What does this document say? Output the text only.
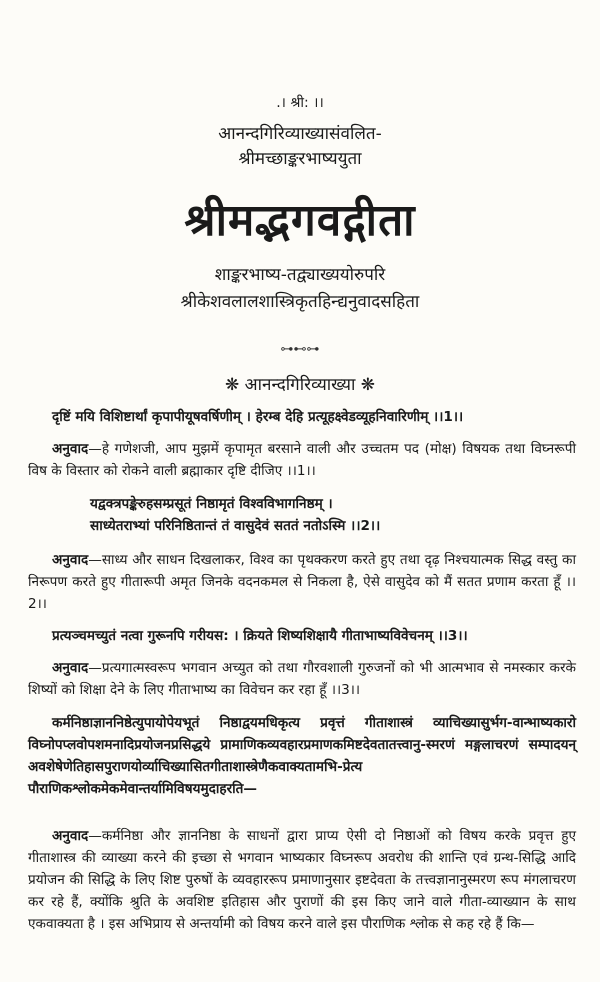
.। श्री: ।।
आनन्दगिरिव्याख्यासंवलित-
श्रीमच्छाङ्करभाष्ययुता
श्रीमद्भगवद्गीता
शाङ्करभाष्य-तद्व्याख्ययोरुपरि
श्रीकेशवलालशास्त्रिकृतहिन्द्यनुवादसहिता
⊶⊷⊶
❋ आनन्दगिरिव्याख्या ❋
दृष्टिं मयि विशिष्टार्थां कृपापीयूषवर्षिणीम् । हेरम्ब देहि प्रत्यूहक्ष्वेडव्यूहनिवारिणीम् ।।1।।
अनुवाद—हे गणेशजी, आप मुझमें कृपामृत बरसाने वाली और उच्चतम पद (मोक्ष) विषयक तथा विघ्नरूपी विष के विस्तार को रोकने वाली ब्रह्माकार दृष्टि दीजिए ।।1।।
यद्वक्त्रपङ्केरुहसम्प्रसूतं निष्ठामृतं विश्वविभागनिष्ठम् ।
साध्येतराभ्यां परिनिष्ठितान्तं तं वासुदेवं सततं नतोऽस्मि ।।2।।
अनुवाद—साध्य और साधन दिखलाकर, विश्व का पृथक्करण करते हुए तथा दृढ़ निश्चयात्मक सिद्ध वस्तु का निरूपण करते हुए गीतारूपी अमृत जिनके वदनकमल से निकला है, ऐसे वासुदेव को मैं सतत प्रणाम करता हूँ ।।2।।
प्रत्यञ्चमच्युतं नत्वा गुरूनपि गरीयस: । क्रियते शिष्यशिक्षायै गीताभाष्यविवेचनम् ।।3।।
अनुवाद—प्रत्यगात्मस्वरूप भगवान अच्युत को तथा गौरवशाली गुरुजनों को भी आत्मभाव से नमस्कार करके शिष्यों को शिक्षा देने के लिए गीताभाष्य का विवेचन कर रहा हूँ ।।3।।
कर्मनिष्ठाज्ञाननिष्ठेत्युपायोपेयभूतं निष्ठाद्वयमधिकृत्य प्रवृत्तं गीताशास्त्रं व्याचिख्यासुर्भग-वान्भाष्यकारो विघ्नोपप्लवोपशमनादिप्रयोजनप्रसिद्धये प्रामाणिकव्यवहारप्रमाणकमिष्टदेवतातत्त्वानु-स्मरणं मङ्गलाचरणं सम्पादयन् अवशेषेणेतिहासपुराणयोर्व्याचिख्यासितगीताशास्त्रेणैकवाक्यतामभि-प्रेत्य पौराणिकश्लोकमेकमेवान्तर्यामिविषयमुदाहरति—
अनुवाद—कर्मनिष्ठा और ज्ञाननिष्ठा के साधनों द्वारा प्राप्य ऐसी दो निष्ठाओं को विषय करके प्रवृत्त हुए गीताशास्त्र की व्याख्या करने की इच्छा से भगवान भाष्यकार विघ्नरूप अवरोध की शान्ति एवं ग्रन्थ-सिद्धि आदि प्रयोजन की सिद्धि के लिए शिष्ट पुरुषों के व्यवहाररूप प्रमाणानुसार इष्टदेवता के तत्त्वज्ञानानुस्मरण रूप मंगलाचरण कर रहे हैं, क्योंकि श्रुति के अवशिष्ट इतिहास और पुराणों की इस किए जाने वाले गीता-व्याख्यान के साथ एकवाक्यता है । इस अभिप्राय से अन्तर्यामी को विषय करने वाले इस पौराणिक श्लोक से कह रहे हैं कि—
